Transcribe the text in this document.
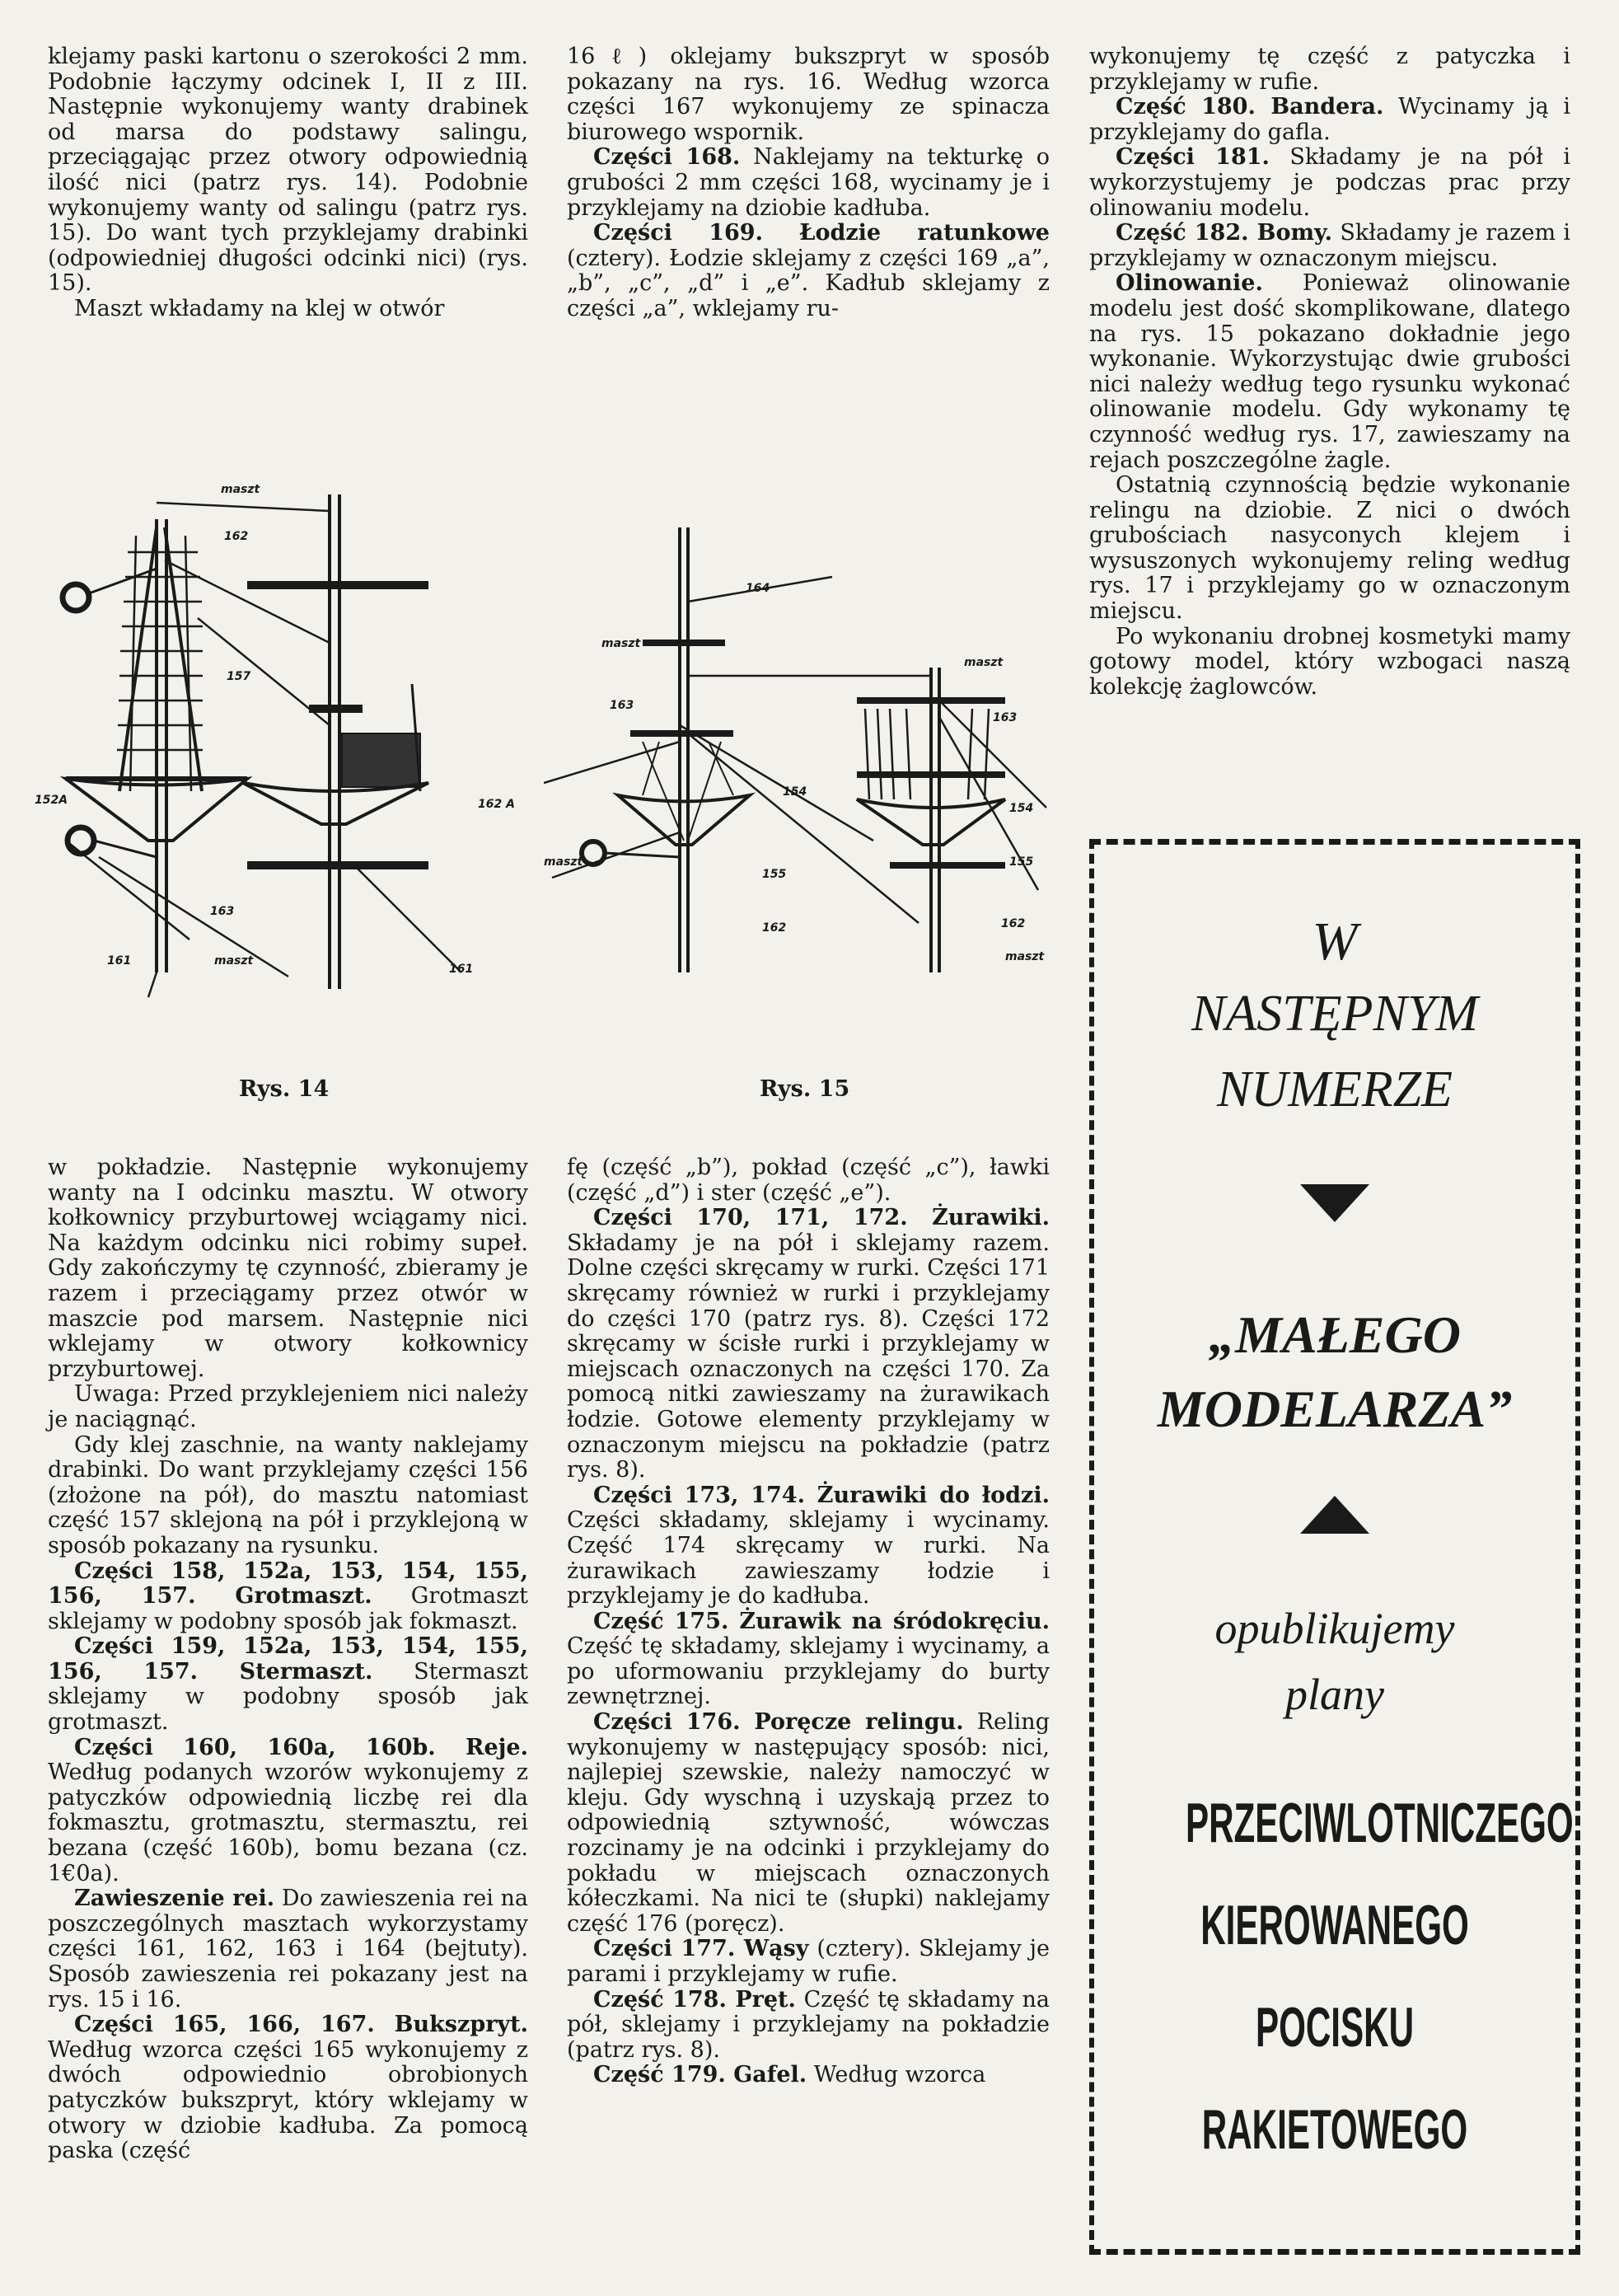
klejamy paski kartonu o szerokości 2 mm. Podobnie łączymy odcinek I, II z III. Następnie wykonujemy wanty drabinek od marsa do podstawy salingu, przeciągając przez otwory odpowiednią ilość nici (patrz rys. 14). Podobnie wykonujemy wanty od salingu (patrz rys. 15). Do want tych przyklejamy drabinki (odpowiedniej długości odcinki nici) (rys. 15).

Maszt wkładamy na klej w otwór

16ℓ) oklejamy bukszpryt w sposób pokazany na rys. 16. Według wzorca części 167 wykonujemy ze spinacza biurowego wspornik.

Części 168. Naklejamy na tekturkę o grubości 2 mm części 168, wycinamy je i przyklejamy na dziobie kadłuba.

Części 169. Łodzie ratunkowe (cztery). Łodzie sklejamy z części 169 „a”, „b”, „c”, „d” i „e”. Kadłub sklejamy z części „a”, wklejamy ru-

wykonujemy tę część z patyczka i przyklejamy w rufie.

Część 180. Bandera. Wycinamy ją i przyklejamy do gafla.

Części 181. Składamy je na pół i wykorzystujemy je podczas prac przy olinowaniu modelu.

Część 182. Bomy. Składamy je razem i przyklejamy w oznaczonym miejscu.

Olinowanie. Ponieważ olinowanie modelu jest dość skomplikowane, dlatego na rys. 15 pokazano dokładnie jego wykonanie. Wykorzystując dwie grubości nici należy według tego rysunku wykonać olinowanie modelu. Gdy wykonamy tę czynność według rys. 17, zawieszamy na rejach poszczególne żagle.

Ostatnią czynnością będzie wykonanie relingu na dziobie. Z nici o dwóch grubościach nasyconych klejem i wysuszonych wykonujemy reling według rys. 17 i przyklejamy go w oznaczonym miejscu.

Po wykonaniu drobnej kosmetyki mamy gotowy model, który wzbogaci naszą kolekcję żaglowców.

maszt
162
157
152A	162 A
163
161
161
maszt
Rys. 14
164
maszt
maszt
163
163
154
154
maszt
155
155
162	162
maszt
Rys. 15

w pokładzie. Następnie wykonujemy wanty na I odcinku masztu. W otwory kołkownicy przyburtowej wciągamy nici. Na każdym odcinku nici robimy supeł. Gdy zakończymy tę czynność, zbieramy je razem i przeciągamy przez otwór w maszcie pod marsem. Następnie nici wklejamy w otwory kołkownicy przyburtowej.

Uwaga: Przed przyklejeniem nici należy je naciągnąć.

Gdy klej zaschnie, na wanty naklejamy drabinki. Do want przyklejamy części 156 (złożone na pół), do masztu natomiast część 157 sklejoną na pół i przyklejoną w sposób pokazany na rysunku.

Części 158, 152a, 153, 154, 155, 156, 157. Grotmaszt. Grotmaszt sklejamy w podobny sposób jak fokmaszt.

Części 159, 152a, 153, 154, 155, 156, 157. Stermaszt. Stermaszt sklejamy w podobny sposób jak grotmaszt.

Części 160, 160a, 160b. Reje. Według podanych wzorów wykonujemy z patyczków odpowiednią liczbę rei dla fokmasztu, grotmasztu, stermasztu, rei bezana (część 160b), bomu bezana (cz. 1€0a).

Zawieszenie rei. Do zawieszenia rei na poszczególnych masztach wykorzystamy części 161, 162, 163 i 164 (bejtuty). Sposób zawieszenia rei pokazany jest na rys. 15 i 16.

Części 165, 166, 167. Bukszpryt. Według wzorca części 165 wykonujemy z dwóch odpowiednio obrobionych patyczków bukszpryt, który wklejamy w otwory w dziobie kadłuba. Za pomocą paska (część

fę (część „b”), pokład (część „c”), ławki (część „d”) i ster (część „e”).

Części 170, 171, 172. Żurawiki. Składamy je na pół i sklejamy razem. Dolne części skręcamy w rurki. Części 171 skręcamy również w rurki i przyklejamy do części 170 (patrz rys. 8). Części 172 skręcamy w ścisłe rurki i przyklejamy w miejscach oznaczonych na części 170. Za pomocą nitki zawieszamy na żurawikach łodzie. Gotowe elementy przyklejamy w oznaczonym miejscu na pokładzie (patrz rys. 8).

Części 173, 174. Żurawiki do łodzi. Części składamy, sklejamy i wycinamy. Część 174 skręcamy w rurki. Na żurawikach zawieszamy łodzie i przyklejamy je do kadłuba.

Część 175. Żurawik na śródokręciu. Część tę składamy, sklejamy i wycinamy, a po uformowaniu przyklejamy do burty zewnętrznej.

Części 176. Poręcze relingu. Reling wykonujemy w następujący sposób: nici, najlepiej szewskie, należy namoczyć w kleju. Gdy wyschną i uzyskają przez to odpowiednią sztywność, wówczas rozcinamy je na odcinki i przyklejamy do pokładu w miejscach oznaczonych kółeczkami. Na nici te (słupki) naklejamy część 176 (poręcz).

Części 177. Wąsy (cztery). Sklejamy je parami i przyklejamy w rufie.

Część 178. Pręt. Część tę składamy na pół, sklejamy i przyklejamy na pokładzie (patrz rys. 8).

Część 179. Gafel. Według wzorca

W
NASTĘPNYM
NUMERZE
„MAŁEGO
MODELARZA”
opublikujemy
plany
PRZECIWLOTNICZEGO
KIEROWANEGO
POCISKU
RAKIETOWEGO
